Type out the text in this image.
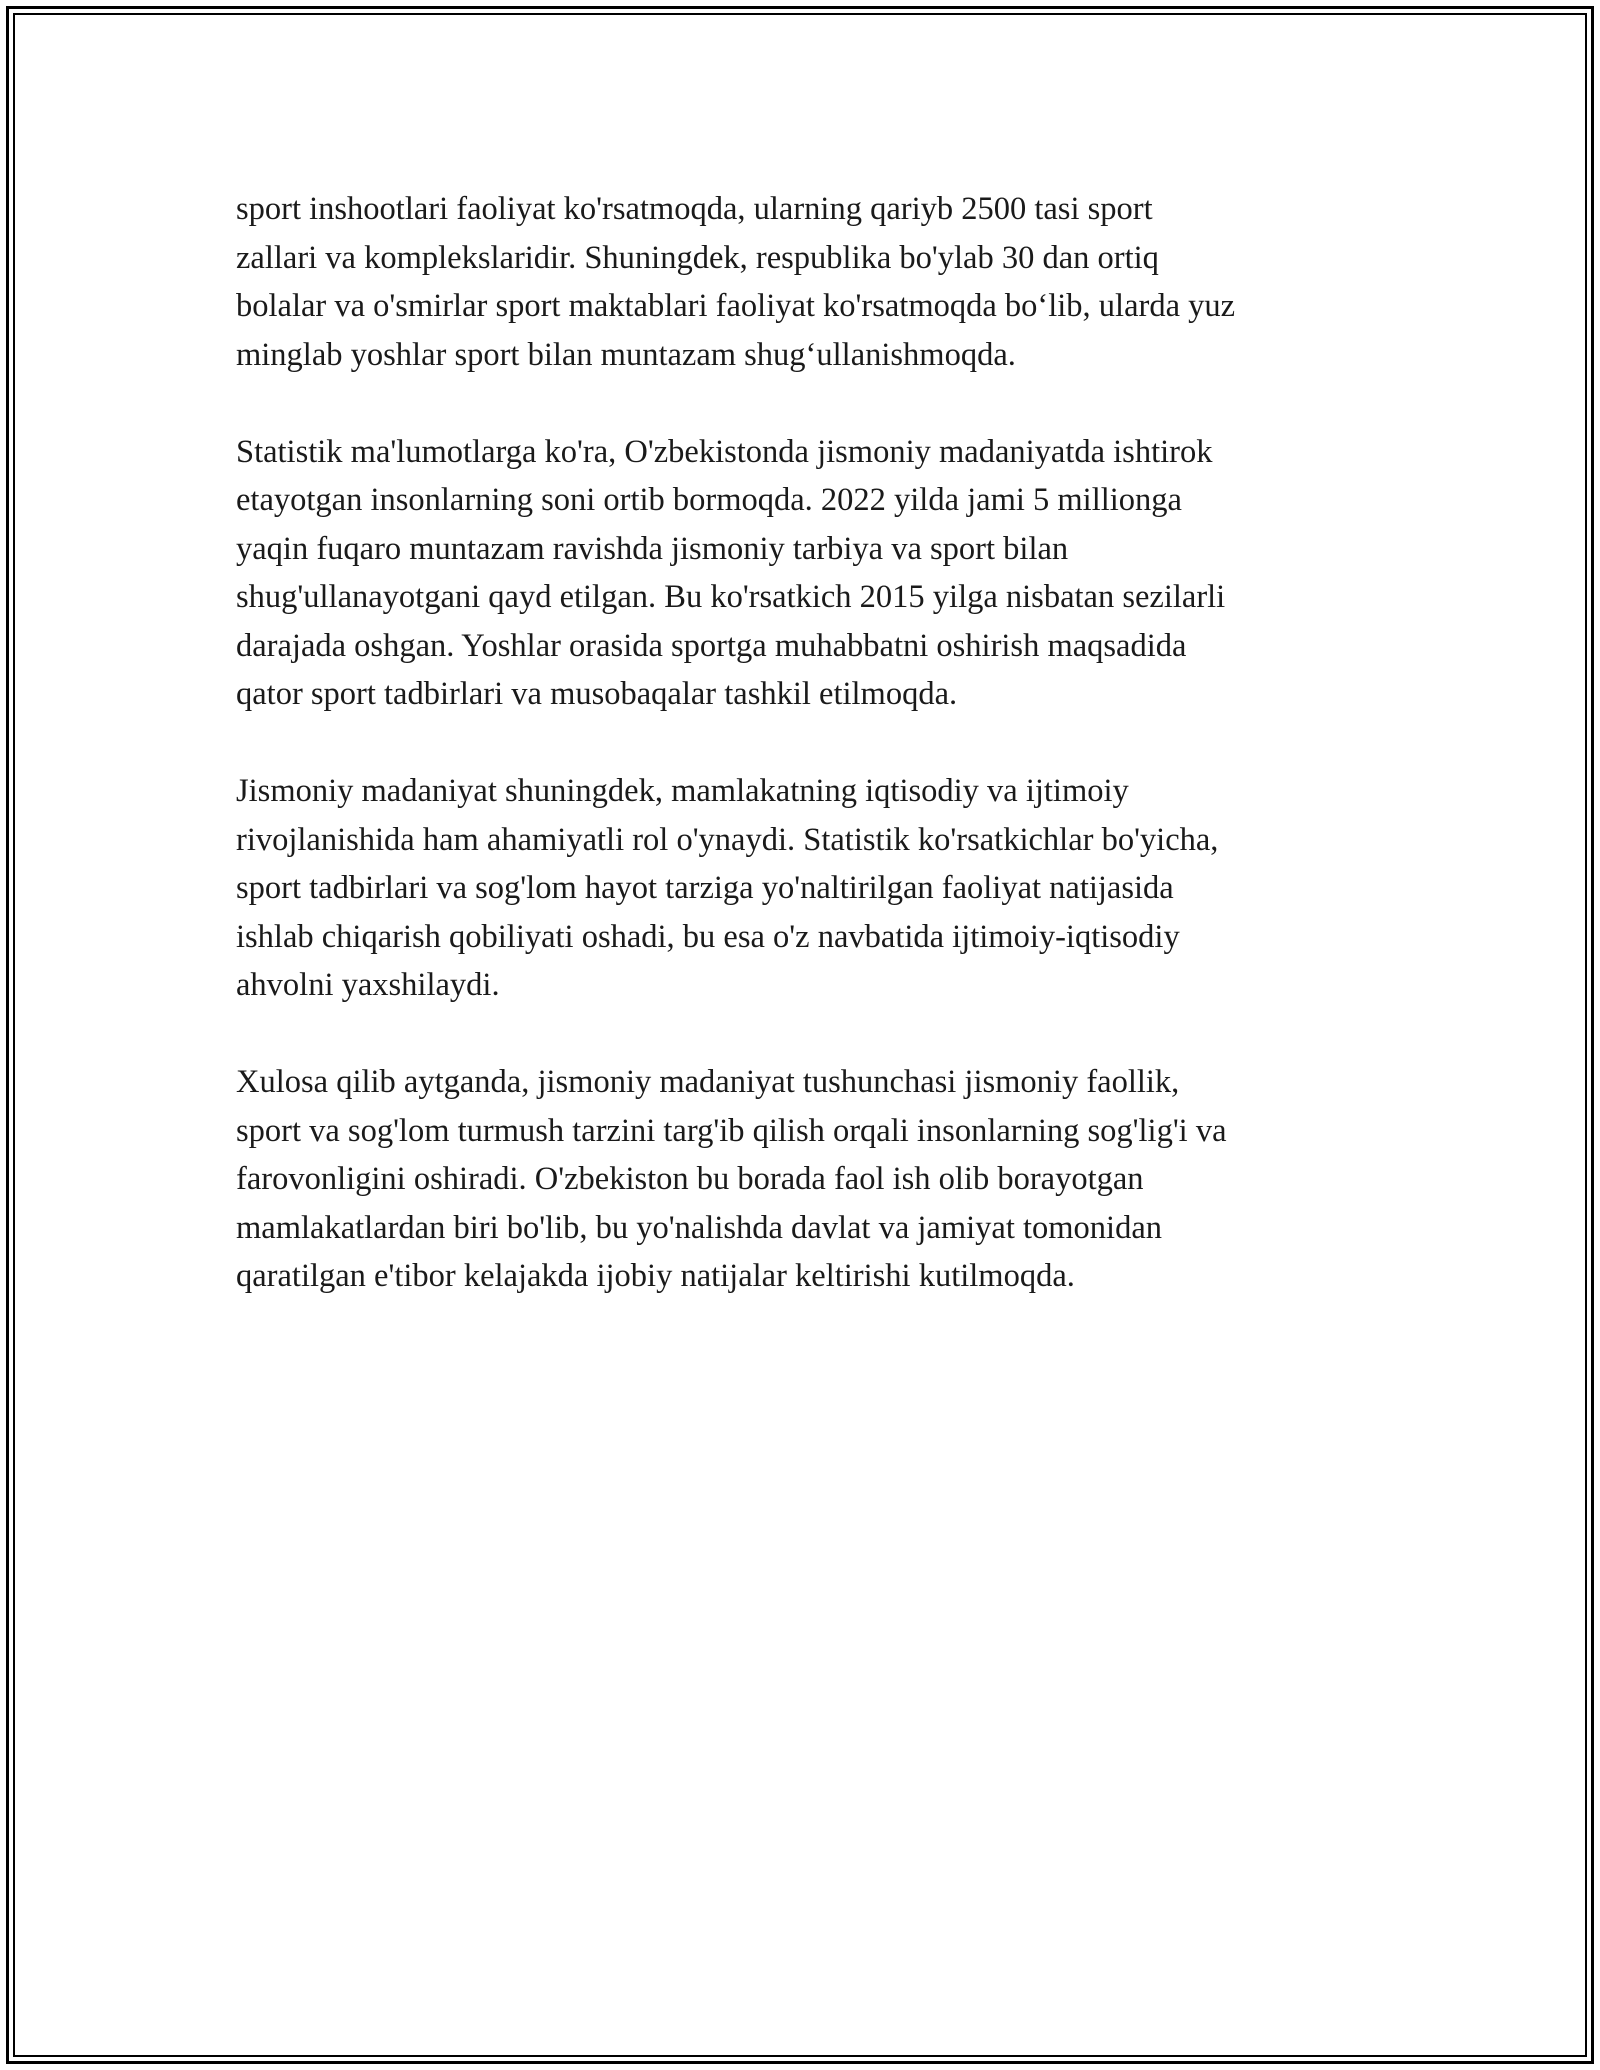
sport inshootlari faoliyat ko'rsatmoqda, ularning qariyb 2500 tasi sport
zallari va komplekslaridir. Shuningdek, respublika bo'ylab 30 dan ortiq
bolalar va o'smirlar sport maktablari faoliyat ko'rsatmoqda bo‘lib, ularda yuz
minglab yoshlar sport bilan muntazam shug‘ullanishmoqda.

Statistik ma'lumotlarga ko'ra, O'zbekistonda jismoniy madaniyatda ishtirok
etayotgan insonlarning soni ortib bormoqda. 2022 yilda jami 5 millionga
yaqin fuqaro muntazam ravishda jismoniy tarbiya va sport bilan
shug'ullanayotgani qayd etilgan. Bu ko'rsatkich 2015 yilga nisbatan sezilarli
darajada oshgan. Yoshlar orasida sportga muhabbatni oshirish maqsadida
qator sport tadbirlari va musobaqalar tashkil etilmoqda.

Jismoniy madaniyat shuningdek, mamlakatning iqtisodiy va ijtimoiy
rivojlanishida ham ahamiyatli rol o'ynaydi. Statistik ko'rsatkichlar bo'yicha,
sport tadbirlari va sog'lom hayot tarziga yo'naltirilgan faoliyat natijasida
ishlab chiqarish qobiliyati oshadi, bu esa o'z navbatida ijtimoiy-iqtisodiy
ahvolni yaxshilaydi.

Xulosa qilib aytganda, jismoniy madaniyat tushunchasi jismoniy faollik,
sport va sog'lom turmush tarzini targ'ib qilish orqali insonlarning sog'lig'i va
farovonligini oshiradi. O'zbekiston bu borada faol ish olib borayotgan
mamlakatlardan biri bo'lib, bu yo'nalishda davlat va jamiyat tomonidan
qaratilgan e'tibor kelajakda ijobiy natijalar keltirishi kutilmoqda.
